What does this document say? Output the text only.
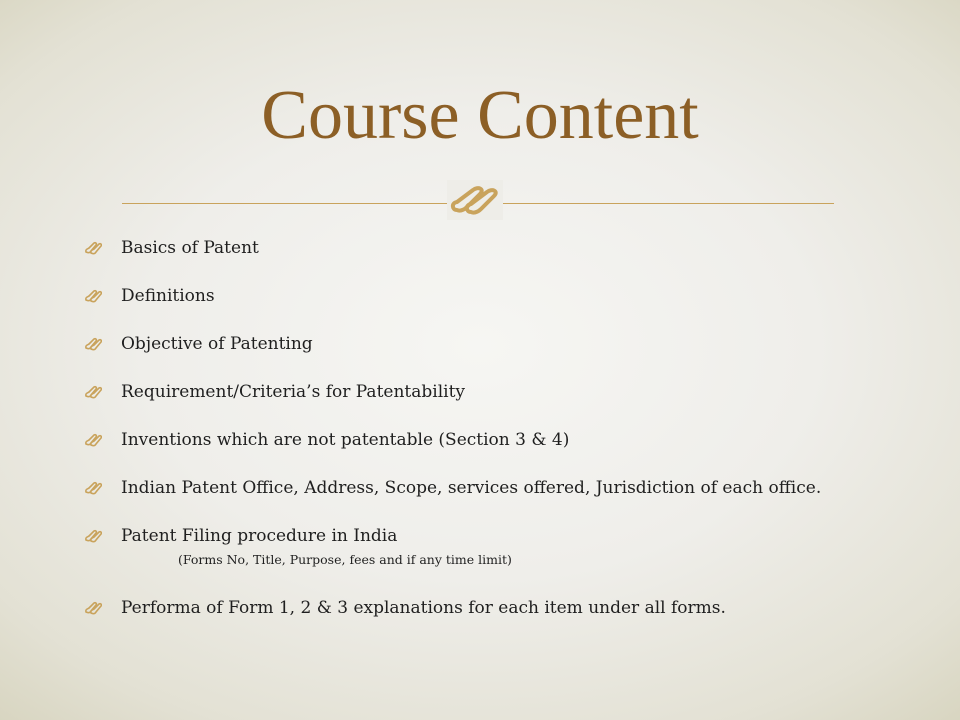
Course Content
Basics of Patent
Definitions
Objective of Patenting
Requirement/Criteria’s for Patentability
Inventions which are not patentable (Section 3 & 4)
Indian Patent Office, Address, Scope, services offered, Jurisdiction of each office.
Patent Filing procedure in India
(Forms No, Title, Purpose, fees and if any time limit)
Performa of Form 1, 2 & 3 explanations for each item under all forms.
